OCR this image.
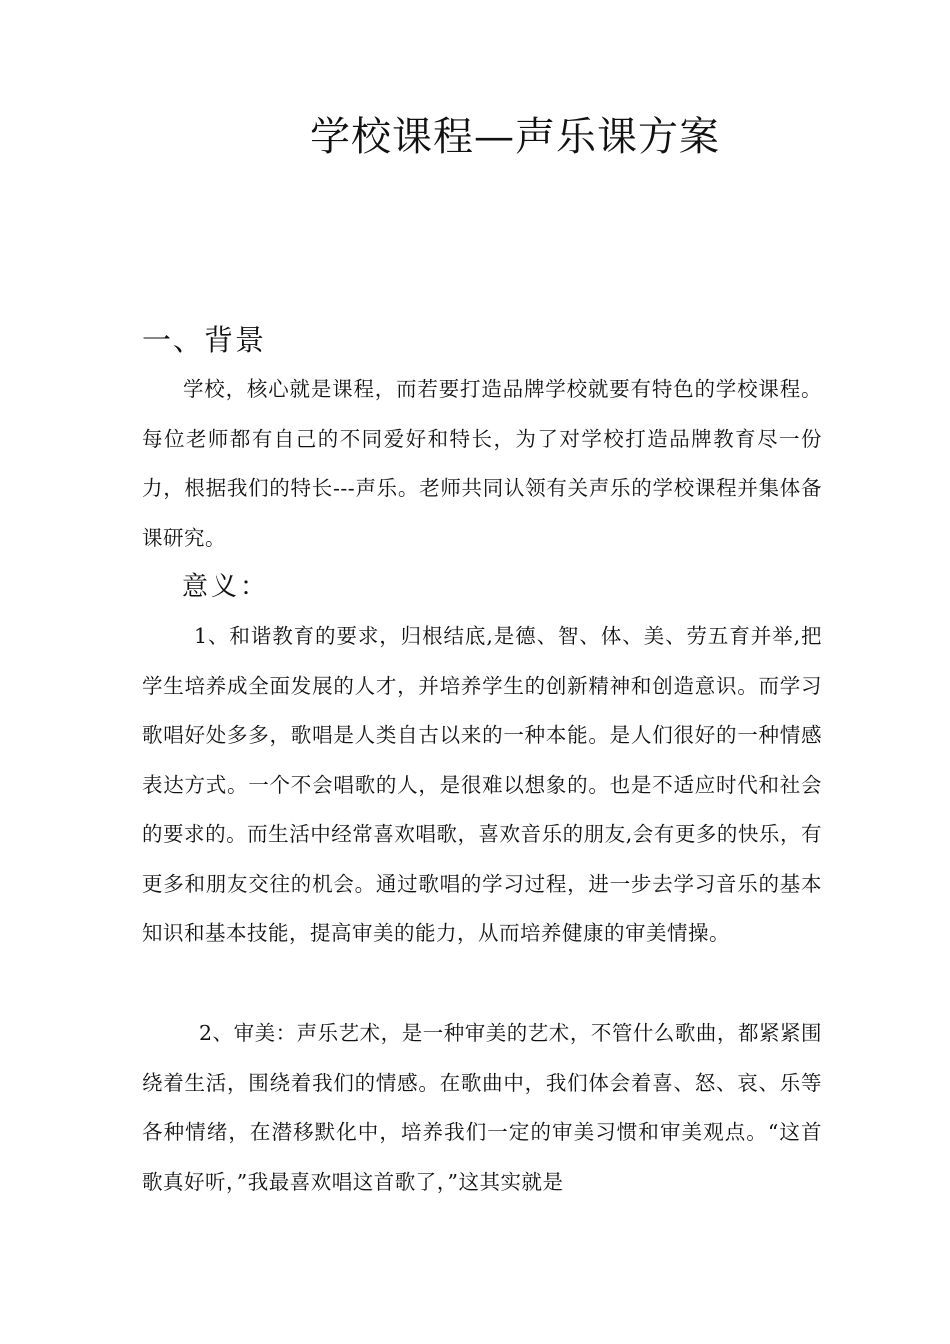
学校课程—声乐课方案
一、背景
学校，核心就是课程，而若要打造品牌学校就要有特色的学校课程。每位老师都有自己的不同爱好和特长，为了对学校打造品牌教育尽一份力，根据我们的特长---声乐。老师共同认领有关声乐的学校课程并集体备课研究。
意义：
1、和谐教育的要求，归根结底,是德、智、体、美、劳五育并举,把学生培养成全面发展的人才，并培养学生的创新精神和创造意识。而学习歌唱好处多多，歌唱是人类自古以来的一种本能。是人们很好的一种情感表达方式。一个不会唱歌的人，是很难以想象的。也是不适应时代和社会的要求的。而生活中经常喜欢唱歌，喜欢音乐的朋友,会有更多的快乐，有更多和朋友交往的机会。通过歌唱的学习过程，进一步去学习音乐的基本知识和基本技能，提高审美的能力，从而培养健康的审美情操。
2、审美：声乐艺术，是一种审美的艺术，不管什么歌曲，都紧紧围绕着生活，围绕着我们的情感。在歌曲中，我们体会着喜、怒、哀、乐等各种情绪，在潜移默化中，培养我们一定的审美习惯和审美观点。“这首歌真好听，”我最喜欢唱这首歌了，”这其实就是
